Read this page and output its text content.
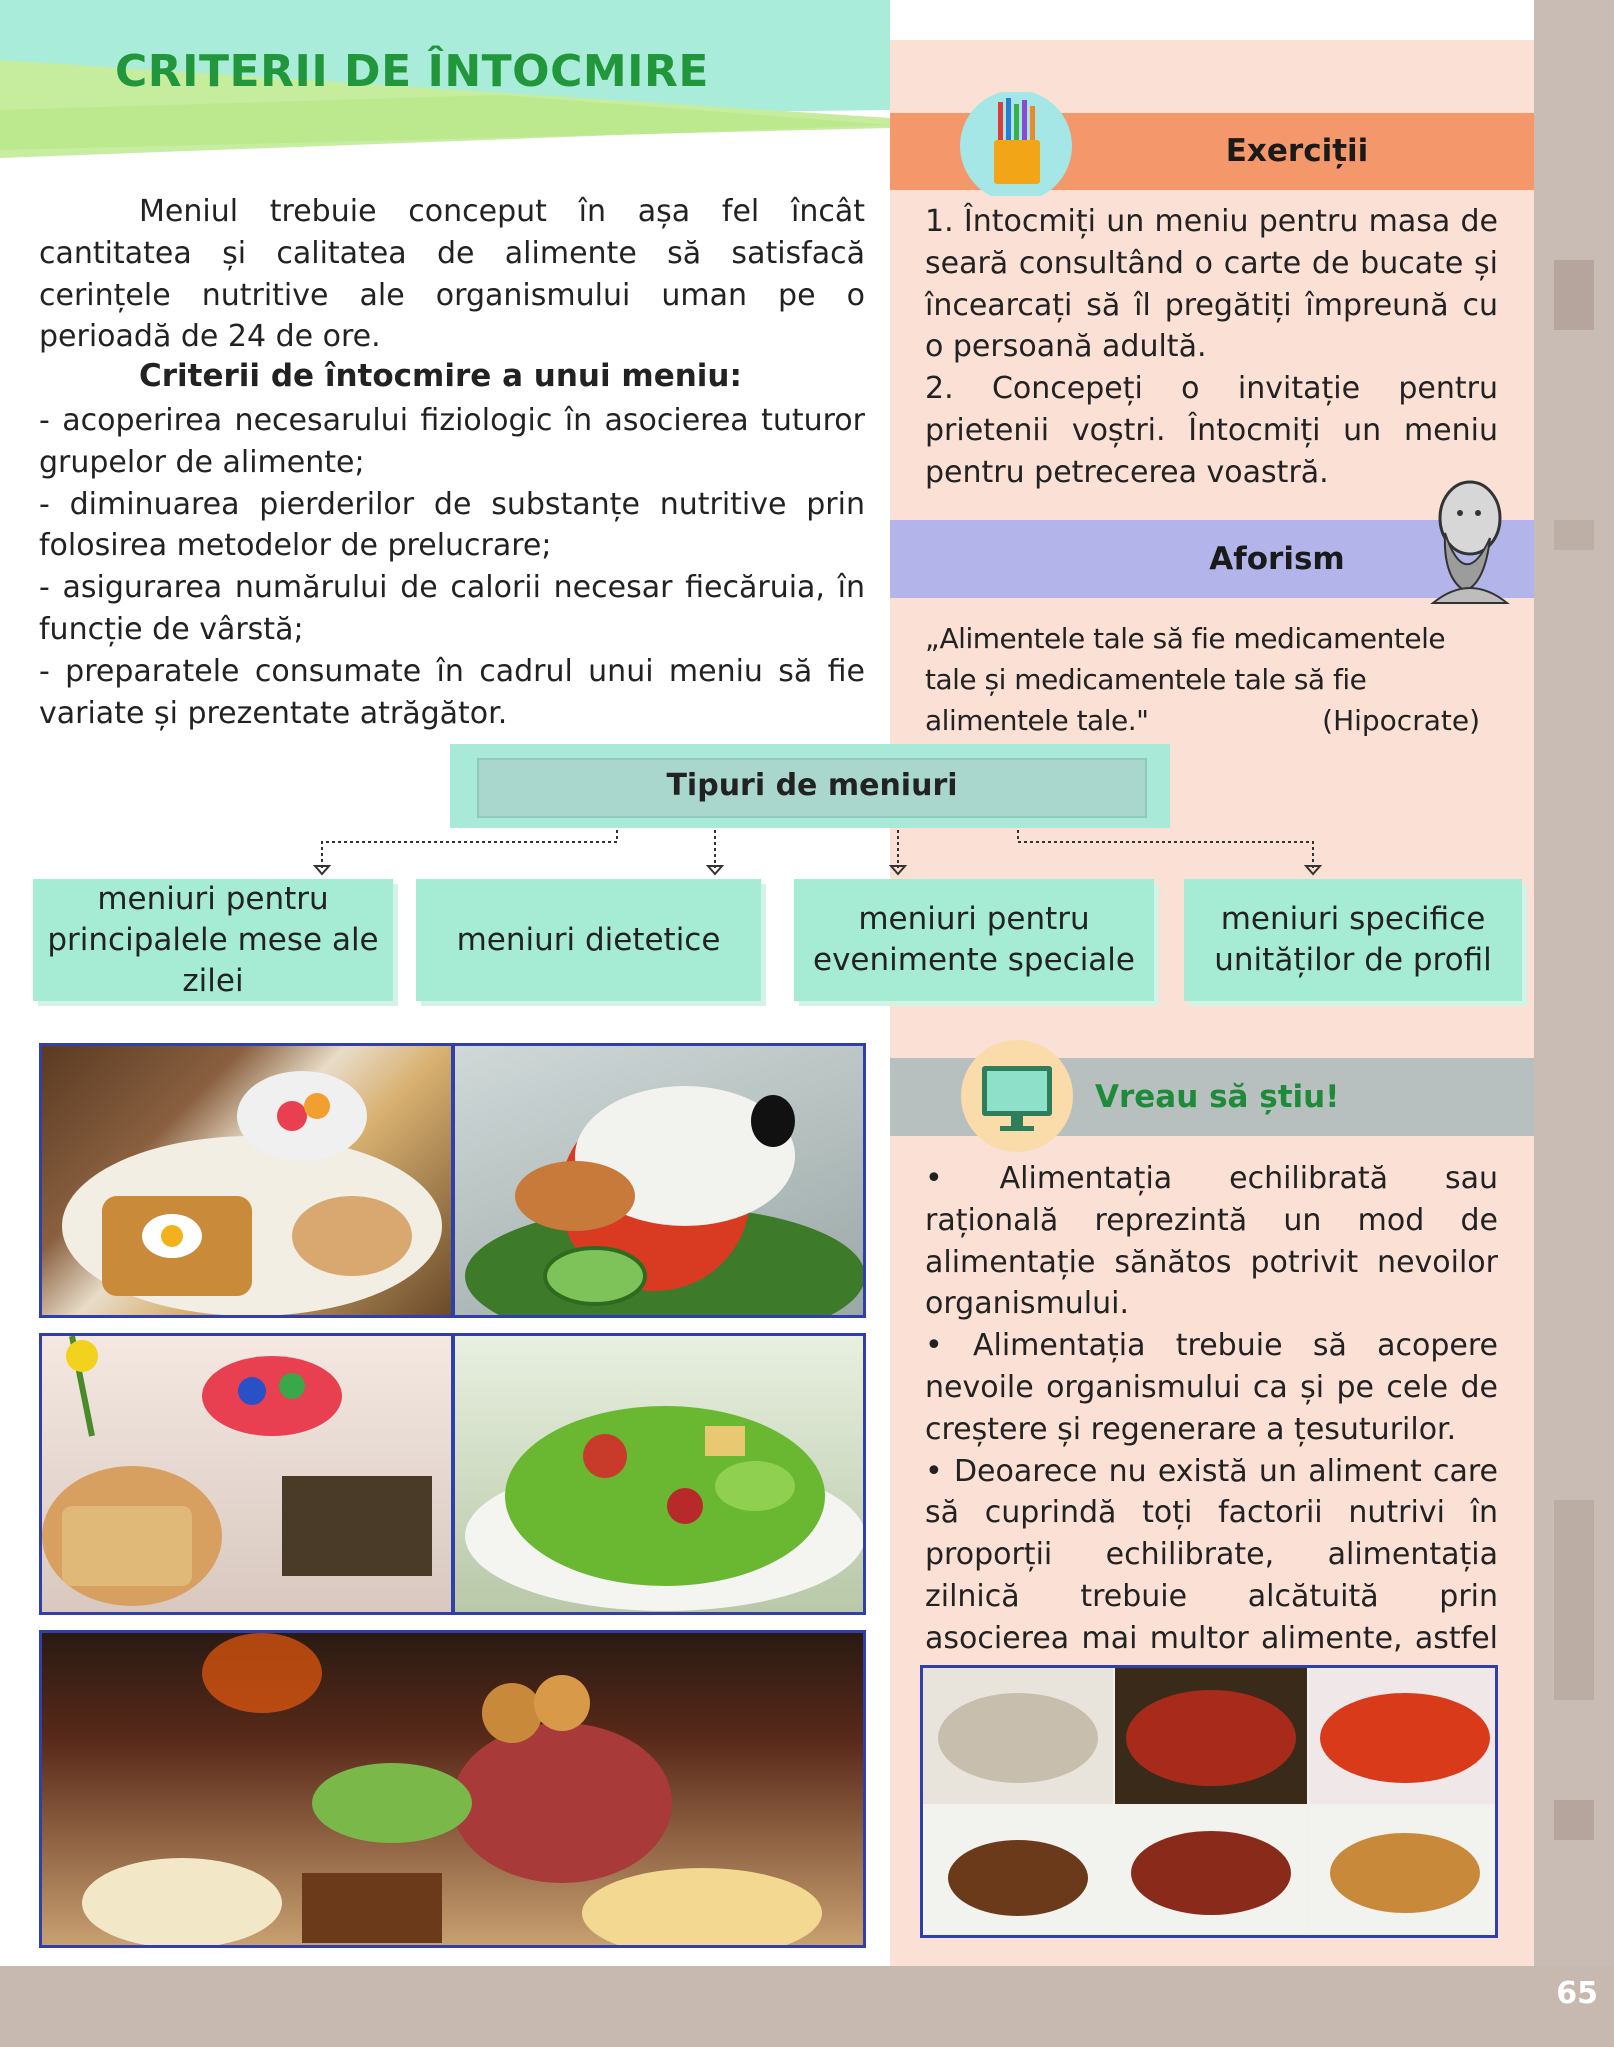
65
CRITERII DE ÎNTOCMIRE
Meniul trebuie conceput în așa fel încât cantitatea și calitatea de alimente să satisfacă cerințele nutritive ale organismului uman pe o perioadă de 24 de ore.
Criterii de întocmire a unui meniu:
- acoperirea necesarului fiziologic în asocierea tuturor grupelor de alimente;
- diminuarea pierderilor de substanțe nutritive prin folosirea metodelor de prelucrare;
- asigurarea numărului de calorii necesar fiecăruia, în funcție de vârstă;
- preparatele consumate în cadrul unui meniu să fie variate și prezentate atrăgător.
Exerciții
1. Întocmiți un meniu pentru masa de seară consultând o carte de bucate și încearcați să îl pregătiți împreună cu o persoană adultă.
2. Concepeți o invitație pentru prietenii voștri. Întocmiți un meniu pentru petrecerea voastră.
Aforism
„Alimentele tale să fie medicamentele tale și medicamentele tale să fie alimentele tale."	(Hipocrate)
Vreau să știu!
• Alimentația echilibrată sau rațională reprezintă un mod de alimentație sănătos potrivit nevoilor organismului.
• Alimentația trebuie să acopere nevoile organismului ca și pe cele de creștere și regenerare a țesuturilor.
• Deoarece nu există un aliment care să cuprindă toți factorii nutrivi în proporții echilibrate, alimentația zilnică trebuie alcătuită prin asocierea mai multor alimente, astfel
Tipuri de meniuri
meniuri pentru principalele mese ale zilei
meniuri dietetice
meniuri pentru evenimente speciale
meniuri specifice unităților de profil
